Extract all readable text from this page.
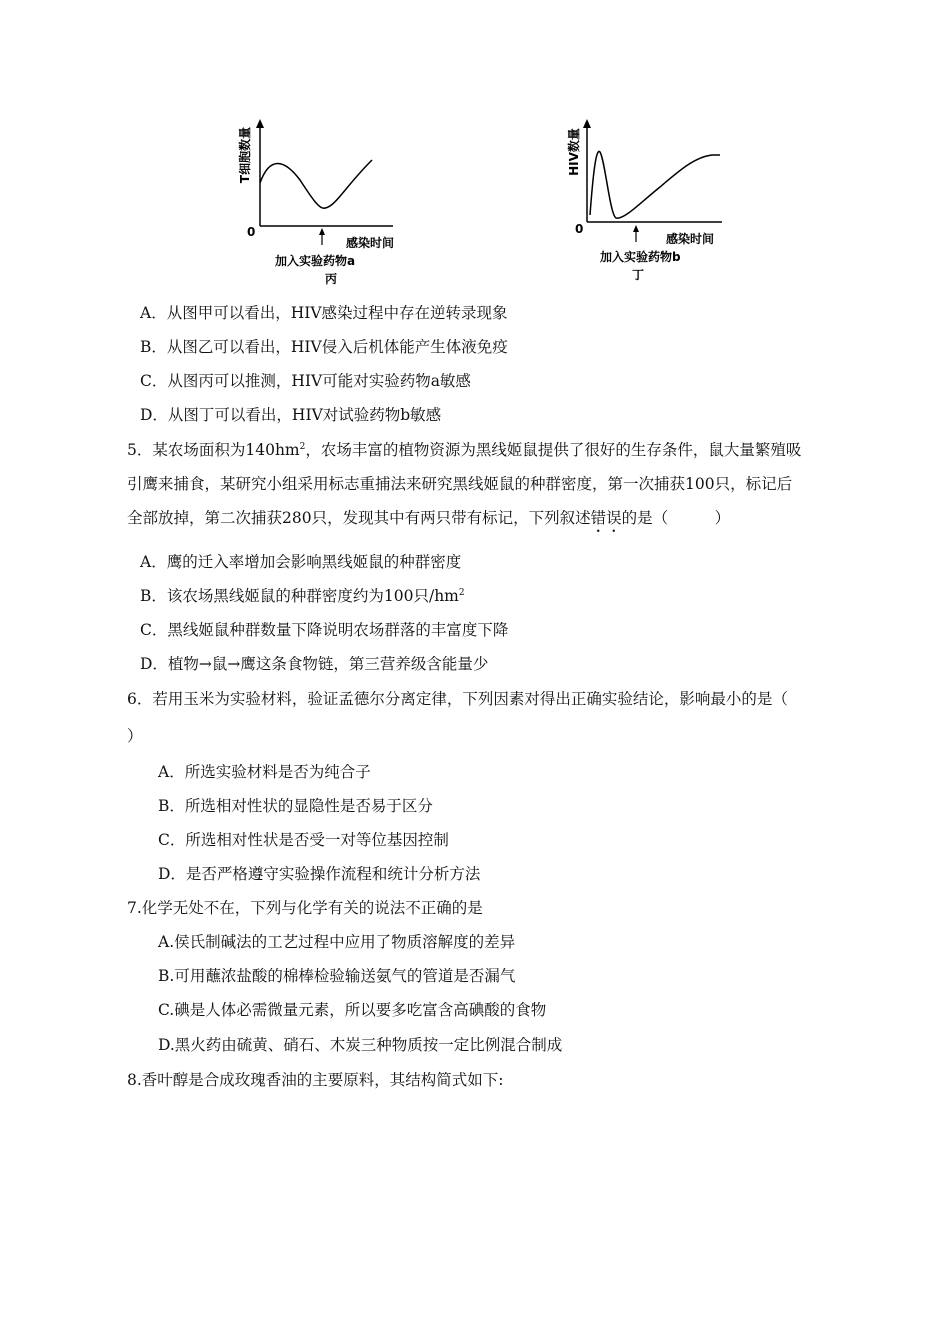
T细胞数量
0
感染时间
加入实验药物a
丙
HIV数量
0
感染时间
加入实验药物b
丁
A．从图甲可以看出，HIV感染过程中存在逆转录现象
B．从图乙可以看出，HIV侵入后机体能产生体液免疫
C．从图丙可以推测，HIV可能对实验药物a敏感
D．从图丁可以看出，HIV对试验药物b敏感
5．某农场面积为$140hm^2$，农场丰富的植物资源为黑线姬鼠提供了很好的生存条件，鼠大量繁殖吸
引鹰来捕食，某研究小组采用标志重捕法来研究黑线姬鼠的种群密度，第一次捕获100只，标记后
全部放掉，第二次捕获280只，发现其中有两只带有标记，下列叙述错误的是（　　　）
A．鹰的迁入率增加会影响黑线姬鼠的种群密度
B．该农场黑线姬鼠的种群密度约为100只$/hm^2$
C．黑线姬鼠种群数量下降说明农场群落的丰富度下降
D．植物→鼠→鹰这条食物链，第三营养级含能量少
6．若用玉米为实验材料，验证孟德尔分离定律，下列因素对得出正确实验结论，影响最小的是（
）
A．所选实验材料是否为纯合子
B．所选相对性状的显隐性是否易于区分
C．所选相对性状是否受一对等位基因控制
D．是否严格遵守实验操作流程和统计分析方法
7.化学无处不在，下列与化学有关的说法不正确的是
A.侯氏制碱法的工艺过程中应用了物质溶解度的差异
B.可用蘸浓盐酸的棉棒检验输送氨气的管道是否漏气
C.碘是人体必需微量元素，所以要多吃富含高碘酸的食物
D.黑火药由硫黄、硝石、木炭三种物质按一定比例混合制成
8.香叶醇是合成玫瑰香油的主要原料，其结构简式如下:
